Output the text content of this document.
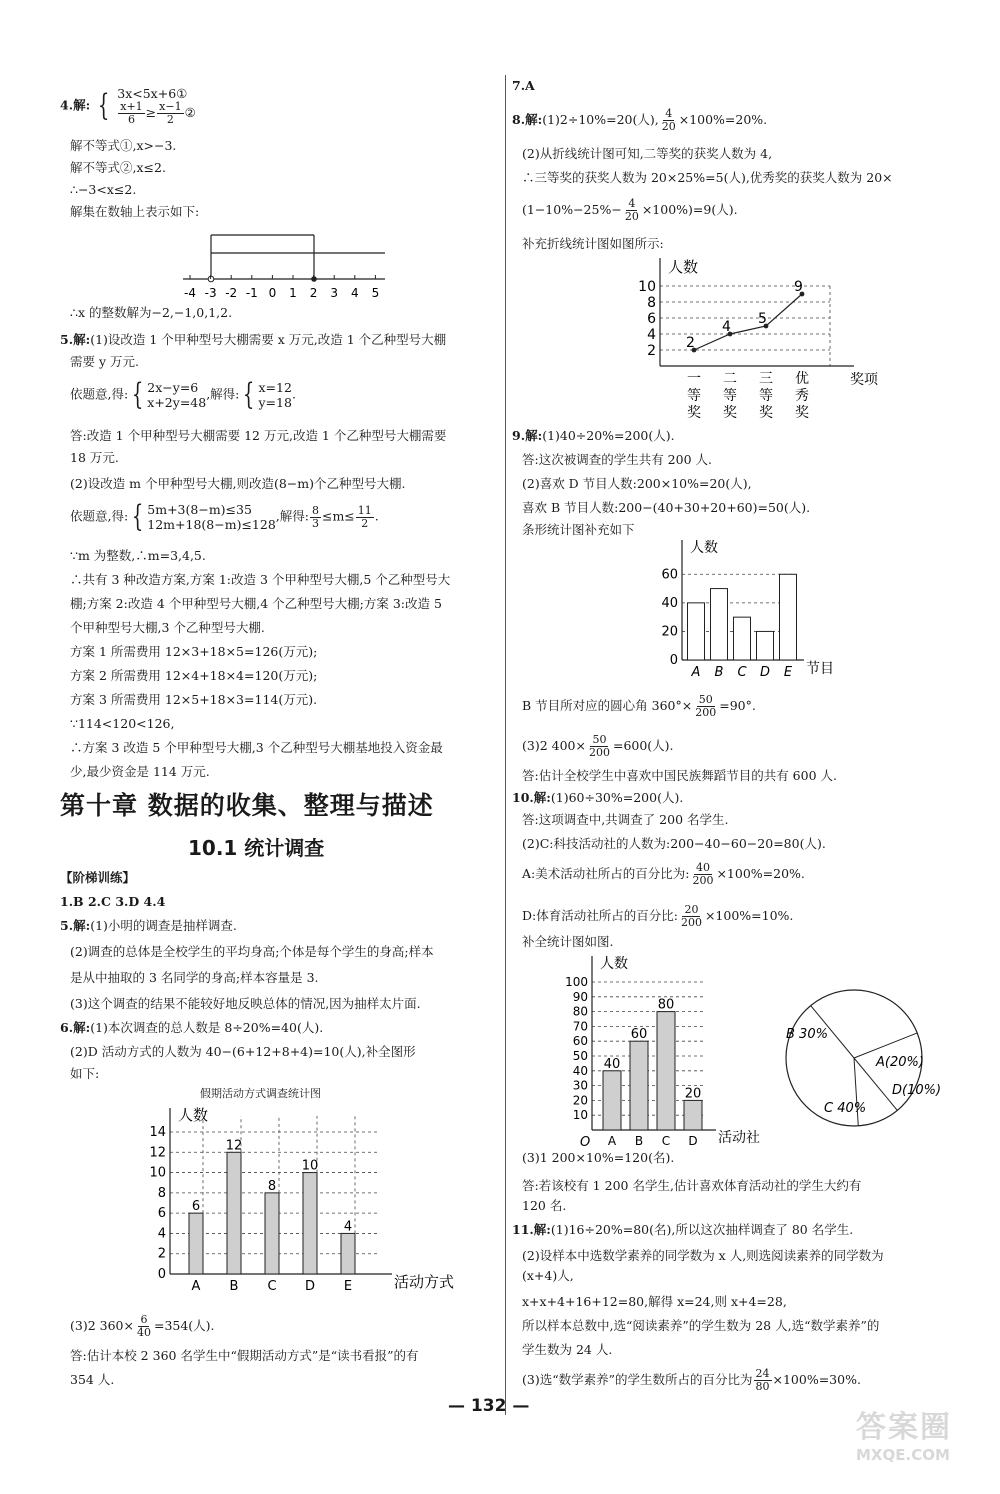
4.解: { 3x<5x+6①
$\frac{x+1}{6} \ge \frac{x-1}{2}$ ②
解不等式①,x>−3.
解不等式②,x≤2.
∴−3<x≤2.
解集在数轴上表示如下:
-4 -3 -2 -1 0 1 2 3 4 5
∴x 的整数解为−2,−1,0,1,2.
5.解:(1)设改造 1 个甲种型号大棚需要 x 万元,改造 1 个乙种型号大棚
需要 y 万元.
依题意,得: { 2x−y=6
x+2y=48
,解得: { x=12
y=18
.
答:改造 1 个甲种型号大棚需要 12 万元,改造 1 个乙种型号大棚需要
18 万元.
(2)设改造 m 个甲种型号大棚,则改造(8−m)个乙种型号大棚.
依题意,得: { 5m+3(8−m)≤35
12m+18(8−m)≤128
,解得: $\frac{8}{3} \le m\le \frac{11}{2}$ .
∵m 为整数,∴m=3,4,5.
∴共有 3 种改造方案,方案 1:改造 3 个甲种型号大棚,5 个乙种型号大
棚;方案 2:改造 4 个甲种型号大棚,4 个乙种型号大棚;方案 3:改造 5
个甲种型号大棚,3 个乙种型号大棚.
方案 1 所需费用 12×3+18×5=126(万元);
方案 2 所需费用 12×4+18×4=120(万元);
方案 3 所需费用 12×5+18×3=114(万元).
∵114<120<126,
∴方案 3 改造 5 个甲种型号大棚,3 个乙种型号大棚基地投入资金最
少,最少资金是 114 万元.
第十章 数据的收集、整理与描述
10.1 统计调查
【阶梯训练】
1.B 2.C 3.D 4.4
5.解:(1)小明的调查是抽样调查.
(2)调查的总体是全校学生的平均身高;个体是每个学生的身高;样本
是从中抽取的 3 名同学的身高;样本容量是 3.
(3)这个调查的结果不能较好地反映总体的情况,因为抽样太片面.
6.解:(1)本次调查的总人数是 8÷20%=40(人).
(2)D 活动方式的人数为 40−(6+12+8+4)=10(人),补全图形
如下:
假期活动方式调查统计图
0
2
4
6
8
10
12
14
人数
活动方式
A
6
B
12
C
8
D
10
E
4
(3)2 $360\times \frac{6}{40} =354$(人).
答:估计本校 2 360 名学生中“假期活动方式”是“读书看报”的有
354 人.
— 132 —
7.A
8.解:(1)2÷10%=20(人), $\frac{4}{20} \times 100\%=20\%$.
(2)从折线统计图可知,二等奖的获奖人数为 4,
∴三等奖的获奖人数为 20×25%=5(人),优秀奖的获奖人数为 20×
$(1-10\%-25\%- \frac{4}{20} \times 100\%)=9$(人).
补充折线统计图如图所示:
2
4
6
8
10
人数
奖项
2
一
等
奖
4
二
等
奖
5
三
等
奖
9
优
秀
奖
9.解:(1)40÷20%=200(人).
答:这次被调查的学生共有 200 人.
(2)喜欢 D 节目人数:200×10%=20(人),
喜欢 B 节目人数:200−(40+30+20+60)=50(人).
条形统计图补充如下
0
20
40
60
人数
节目
A B C D E
B 节目所对应的圆心角 $360^\circ\times \frac{50}{200} =90^\circ$.
(3)2 $400\times \frac{50}{200} =600$(人).
答:估计全校学生中喜欢中国民族舞蹈节目的共有 600 人.
10.解:(1)60÷30%=200(人).
答:这项调查中,共调查了 200 名学生.
(2)C:科技活动社的人数为:200−40−60−20=80(人).
A:美术活动社所占的百分比为: $\frac{40}{200} \times 100\%=20\%$.
D:体育活动社所占的百分比: $\frac{20}{200} \times 100\%=10\%$.
补全统计图如图.
10
20
30
40
50
60
70
80
90
100
人数
活动社
O A
40
B
60
C
80
D
20
B 30%
A(20%)
D(10%)
C 40%
(3)1 200×10%=120(名).
答:若该校有 1 200 名学生,估计喜欢体育活动社的学生大约有
120 名.
11.解:(1)16÷20%=80(名),所以这次抽样调查了 80 名学生.
(2)设样本中选数学素养的同学数为 x 人,则选阅读素养的同学数为
(x+4)人,
x+x+4+16+12=80,解得 x=24,则 x+4=28,
所以样本总数中,选“阅读素养”的学生数为 28 人,选“数学素养”的
学生数为 24 人.
(3)选“数学素养”的学生数所占的百分比为 $\frac{24}{80} \times 100\%=30\%$.
答案圈
MXQE.COM
